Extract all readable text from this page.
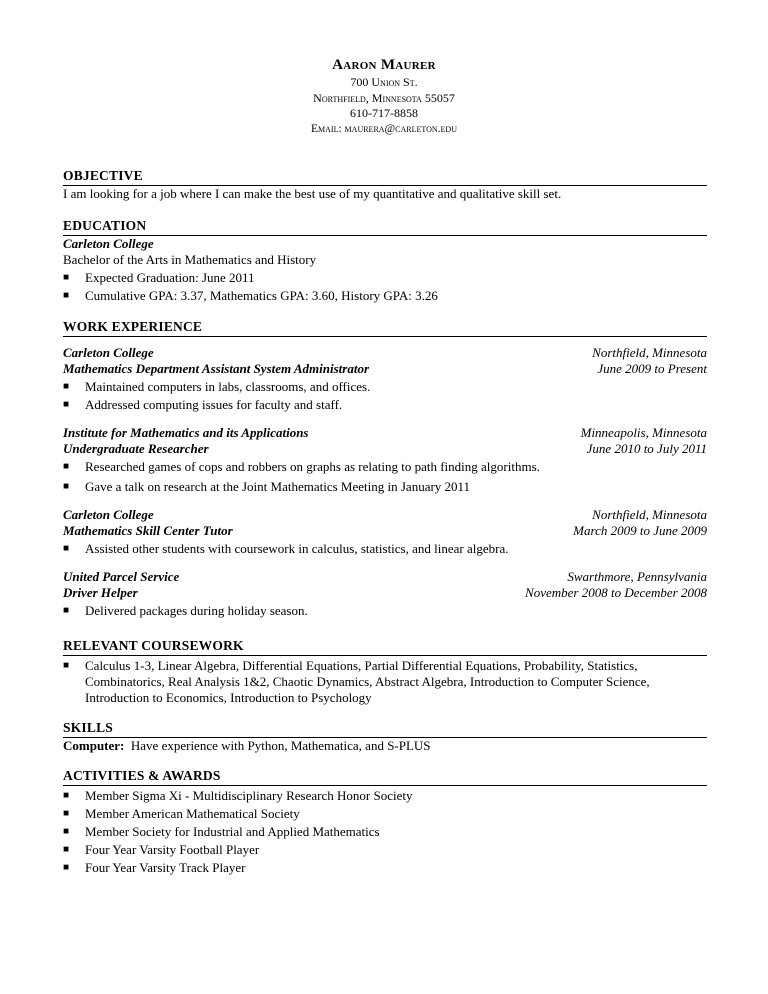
Aaron Maurer
700 Union St.
Northfield, Minnesota 55057
610-717-8858
Email: maurera@carleton.edu
OBJECTIVE
I am looking for a job where I can make the best use of my quantitative and qualitative skill set.
EDUCATION
Carleton College
Bachelor of the Arts in Mathematics and History
■ Expected Graduation: June 2011
■ Cumulative GPA: 3.37, Mathematics GPA: 3.60, History GPA: 3.26
WORK EXPERIENCE
Carleton College	Northfield, Minnesota
Mathematics Department Assistant System Administrator	June 2009 to Present
■ Maintained computers in labs, classrooms, and offices.
■ Addressed computing issues for faculty and staff.
Institute for Mathematics and its Applications	Minneapolis, Minnesota
Undergraduate Researcher	June 2010 to July 2011
■ Researched games of cops and robbers on graphs as relating to path finding algorithms.
■ Gave a talk on research at the Joint Mathematics Meeting in January 2011
Carleton College	Northfield, Minnesota
Mathematics Skill Center Tutor	March 2009 to June 2009
■ Assisted other students with coursework in calculus, statistics, and linear algebra.
United Parcel Service	Swarthmore, Pennsylvania
Driver Helper	November 2008 to December 2008
■ Delivered packages during holiday season.
RELEVANT COURSEWORK
■ Calculus 1-3, Linear Algebra, Differential Equations, Partial Differential Equations, Probability, Statistics, Combinatorics, Real Analysis 1&2, Chaotic Dynamics, Abstract Algebra, Introduction to Computer Science, Introduction to Economics, Introduction to Psychology
SKILLS
Computer: Have experience with Python, Mathematica, and S-PLUS
ACTIVITIES & AWARDS
■ Member Sigma Xi - Multidisciplinary Research Honor Society
■ Member American Mathematical Society
■ Member Society for Industrial and Applied Mathematics
■ Four Year Varsity Football Player
■ Four Year Varsity Track Player
